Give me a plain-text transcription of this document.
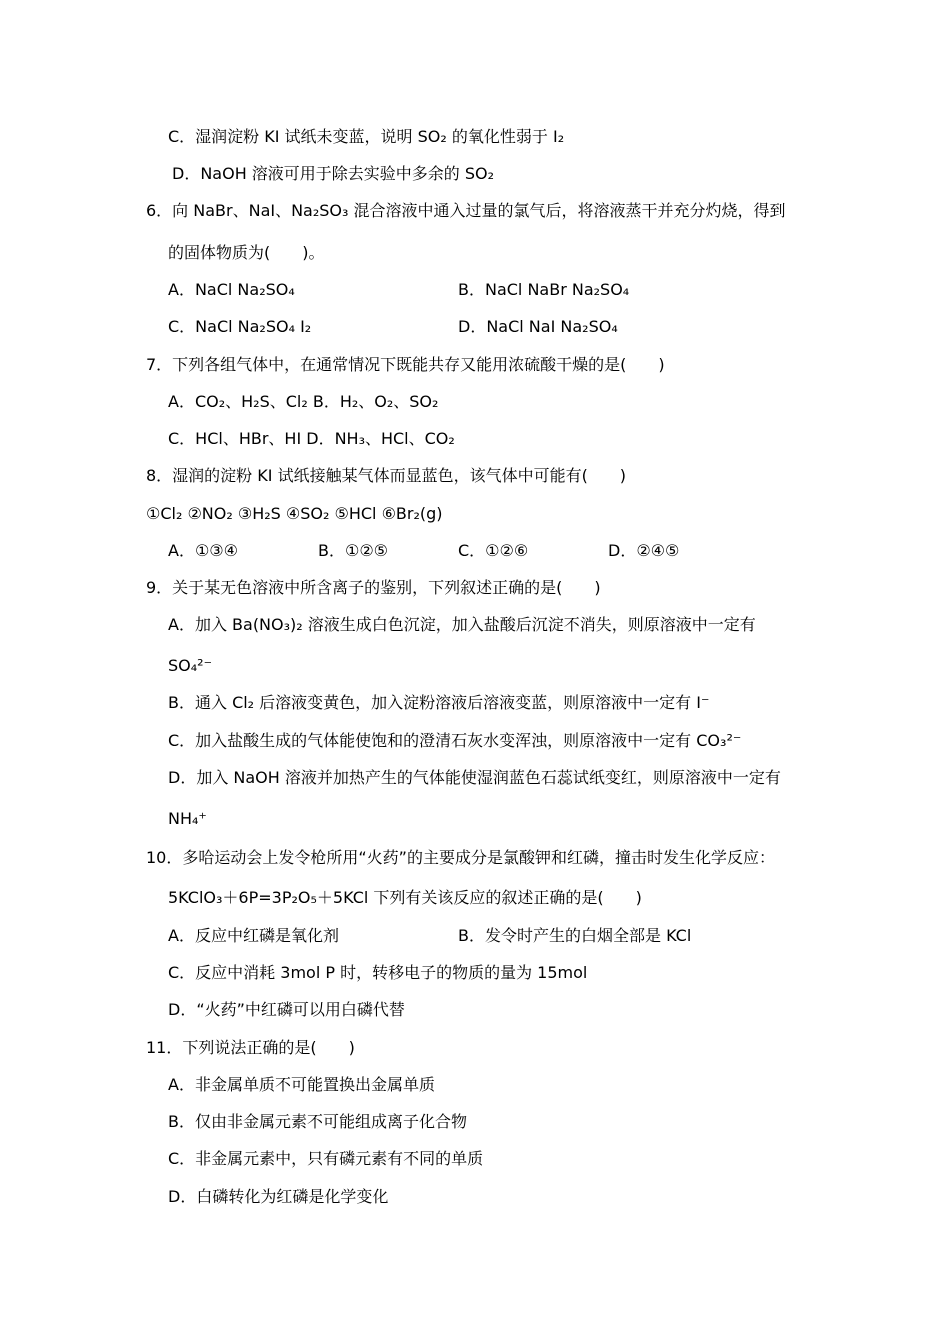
C．湿润淀粉 KI 试纸未变蓝，说明 SO₂ 的氧化性弱于 I₂
D．NaOH 溶液可用于除去实验中多余的 SO₂
6．向 NaBr、NaI、Na₂SO₃ 混合溶液中通入过量的氯气后，将溶液蒸干并充分灼烧，得到
的固体物质为(　　)。
A．NaCl Na₂SO₄	B．NaCl NaBr Na₂SO₄
C．NaCl Na₂SO₄ I₂	D．NaCl NaI Na₂SO₄
7．下列各组气体中，在通常情况下既能共存又能用浓硫酸干燥的是(　　)
A．CO₂、H₂S、Cl₂ B．H₂、O₂、SO₂
C．HCl、HBr、HI D．NH₃、HCl、CO₂
8．湿润的淀粉 KI 试纸接触某气体而显蓝色，该气体中可能有(　　)
①Cl₂ ②NO₂ ③H₂S ④SO₂ ⑤HCl ⑥Br₂(g)
A．①③④	B．①②⑤	C．①②⑥	D．②④⑤
9．关于某无色溶液中所含离子的鉴别，下列叙述正确的是(　　)
A．加入 Ba(NO₃)₂ 溶液生成白色沉淀，加入盐酸后沉淀不消失，则原溶液中一定有
SO₄²⁻
B．通入 Cl₂ 后溶液变黄色，加入淀粉溶液后溶液变蓝，则原溶液中一定有 I⁻
C．加入盐酸生成的气体能使饱和的澄清石灰水变浑浊，则原溶液中一定有 CO₃²⁻
D．加入 NaOH 溶液并加热产生的气体能使湿润蓝色石蕊试纸变红，则原溶液中一定有
NH₄⁺
10．多哈运动会上发令枪所用“火药”的主要成分是氯酸钾和红磷，撞击时发生化学反应：
5KClO₃＋6P=3P₂O₅＋5KCl 下列有关该反应的叙述正确的是(　　)
A．反应中红磷是氧化剂	B．发令时产生的白烟全部是 KCl
C．反应中消耗 3mol P 时，转移电子的物质的量为 15mol
D．“火药”中红磷可以用白磷代替
11．下列说法正确的是(　　)
A．非金属单质不可能置换出金属单质
B．仅由非金属元素不可能组成离子化合物
C．非金属元素中，只有磷元素有不同的单质
D．白磷转化为红磷是化学变化
